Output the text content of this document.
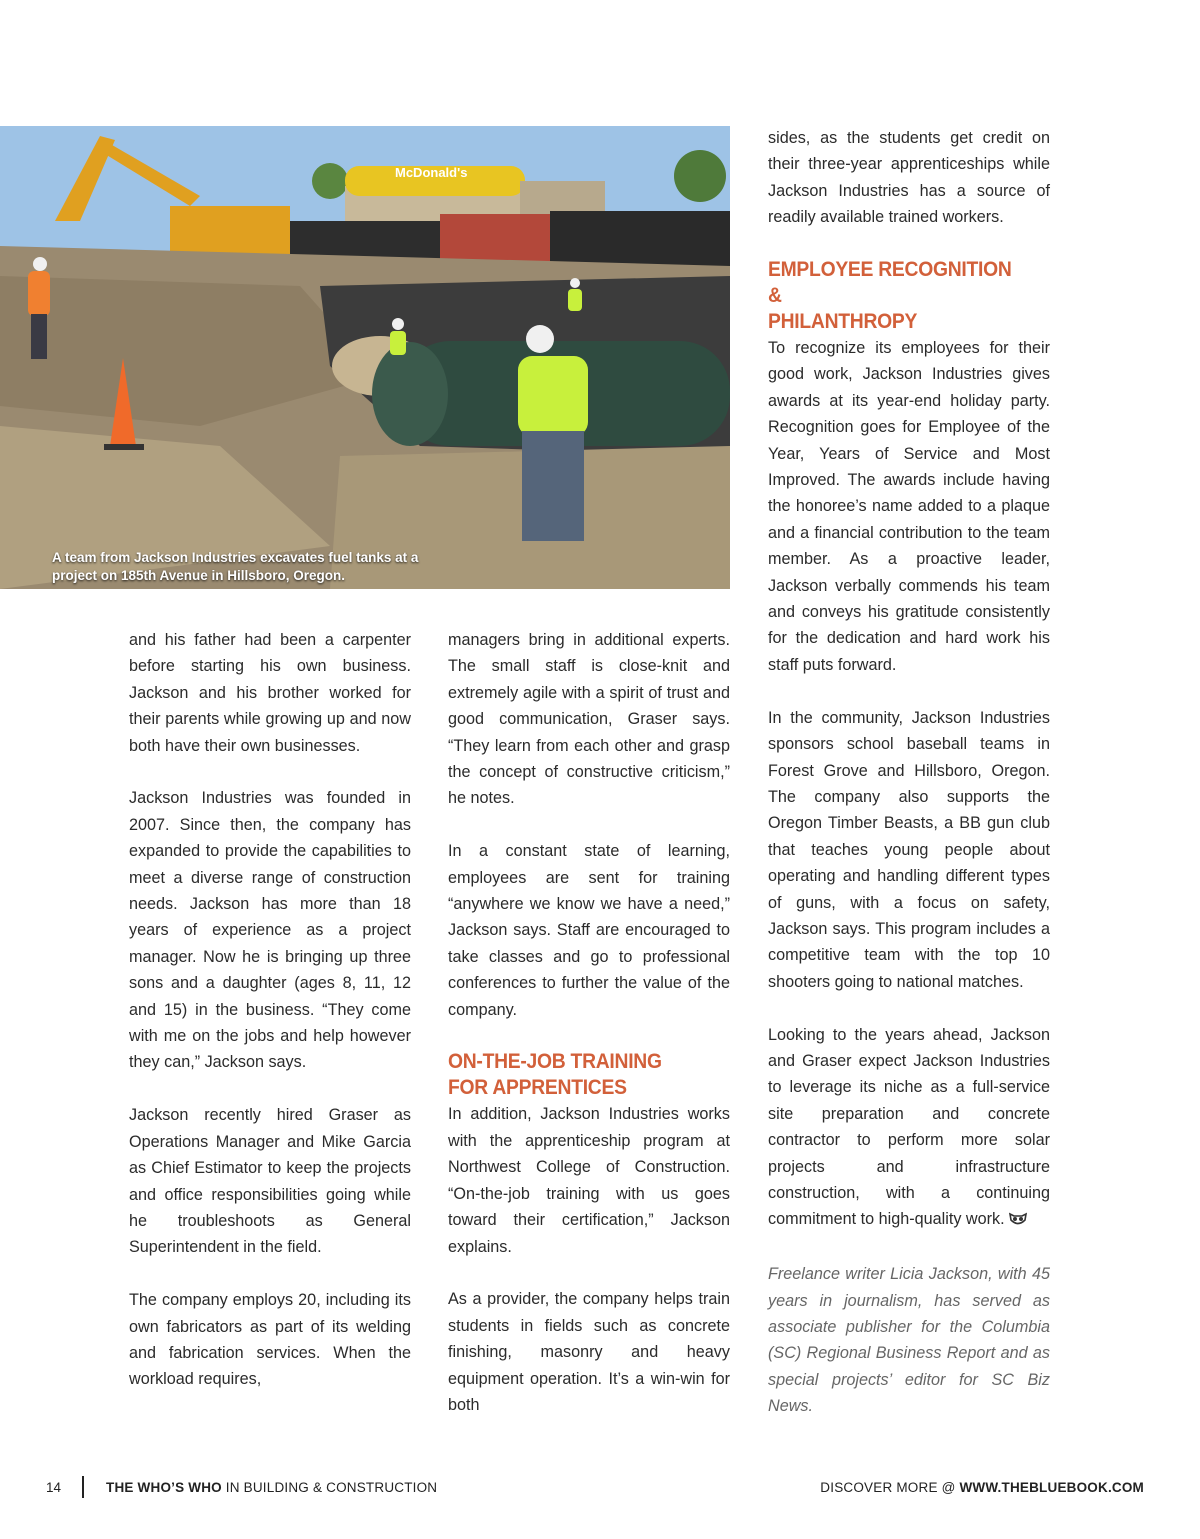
McDonald's
A team from Jackson Industries excavates fuel tanks at a project on 185th Avenue in Hillsboro, Oregon.

and his father had been a carpenter before starting his own business. Jackson and his brother worked for their parents while growing up and now both have their own businesses.

Jackson Industries was founded in 2007. Since then, the company has expanded to provide the capabilities to meet a diverse range of construction needs. Jackson has more than 18 years of experience as a project manager. Now he is bringing up three sons and a daughter (ages 8, 11, 12 and 15) in the business. “They come with me on the jobs and help however they can,” Jackson says.

Jackson recently hired Graser as Operations Manager and Mike Garcia as Chief Estimator to keep the projects and office responsibilities going while he troubleshoots as General Superintendent in the field.

The company employs 20, including its own fabricators as part of its welding and fabrication services. When the workload requires,

managers bring in additional experts. The small staff is close-knit and extremely agile with a spirit of trust and good communication, Graser says. “They learn from each other and grasp the concept of constructive criticism,” he notes.

In a constant state of learning, employees are sent for training “anywhere we know we have a need,” Jackson says. Staff are encouraged to take classes and go to professional conferences to further the value of the company.

ON-THE-JOB TRAINING
FOR APPRENTICES

In addition, Jackson Industries works with the apprenticeship program at Northwest College of Construction. “On-the-job training with us goes toward their certification,” Jackson explains.

As a provider, the company helps train students in fields such as concrete finishing, masonry and heavy equipment operation. It’s a win-win for both

sides, as the students get credit on their three-year apprenticeships while Jackson Industries has a source of readily available trained workers.

EMPLOYEE RECOGNITION &
PHILANTHROPY

To recognize its employees for their good work, Jackson Industries gives awards at its year-end holiday party. Recognition goes for Employee of the Year, Years of Service and Most Improved. The awards include having the honoree’s name added to a plaque and a financial contribution to the team member. As a proactive leader, Jackson verbally commends his team and conveys his gratitude consistently for the dedication and hard work his staff puts forward.

In the community, Jackson Industries sponsors school baseball teams in Forest Grove and Hillsboro, Oregon. The company also supports the Oregon Timber Beasts, a BB gun club that teaches young people about operating and handling different types of guns, with a focus on safety, Jackson says. This program includes a competitive team with the top 10 shooters going to national matches.

Looking to the years ahead, Jackson and Graser expect Jackson Industries to leverage its niche as a full-service site preparation and concrete contractor to perform more solar projects and infrastructure construction, with a continuing commitment to high-quality work.

Freelance writer Licia Jackson, with 45 years in journalism, has served as associate publisher for the Columbia (SC) Regional Business Report and as special projects’ editor for SC Biz News.

14	THE WHO’S WHO IN BUILDING & CONSTRUCTION	DISCOVER MORE @ WWW.THEBLUEBOOK.COM
